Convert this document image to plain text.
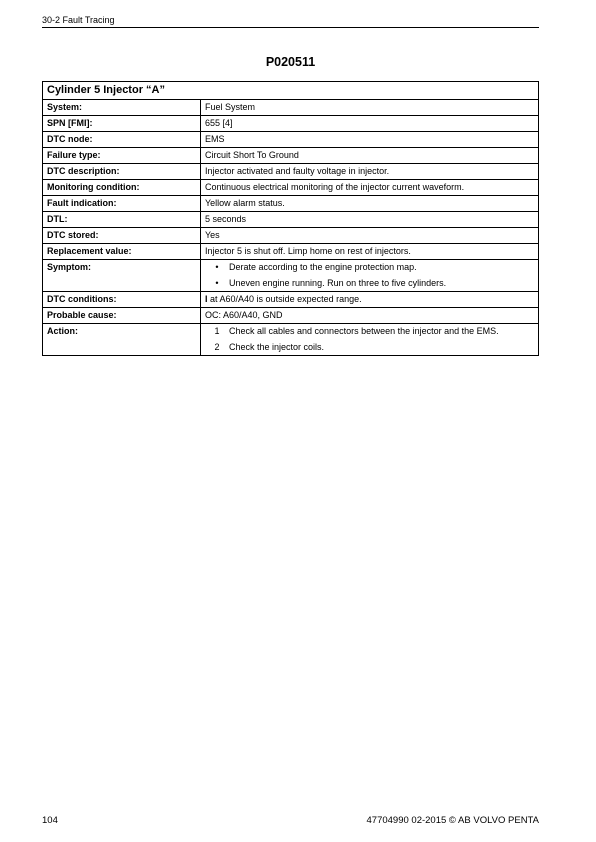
30-2 Fault Tracing
P020511
Cylinder 5 Injector “A”	
System:	Fuel System
SPN [FMI]:	655 [4]
DTC node:	EMS
Failure type:	Circuit Short To Ground
DTC description:	Injector activated and faulty voltage in injector.
Monitoring condition:	Continuous electrical monitoring of the injector current waveform.
Fault indication:	Yellow alarm status.
DTL:	5 seconds
DTC stored:	Yes
Replacement value:	Injector 5 is shut off. Limp home on rest of injectors.
Symptom:	• Derate according to the engine protection map.
• Uneven engine running. Run on three to five cylinders.

DTC conditions:	I at A60/A40 is outside expected range.
Probable cause:	OC: A60/A40, GND
Action:	1 Check all cables and connectors between the injector and the EMS.
2 Check the injector coils.
104	47704990 02-2015 © AB VOLVO PENTA
